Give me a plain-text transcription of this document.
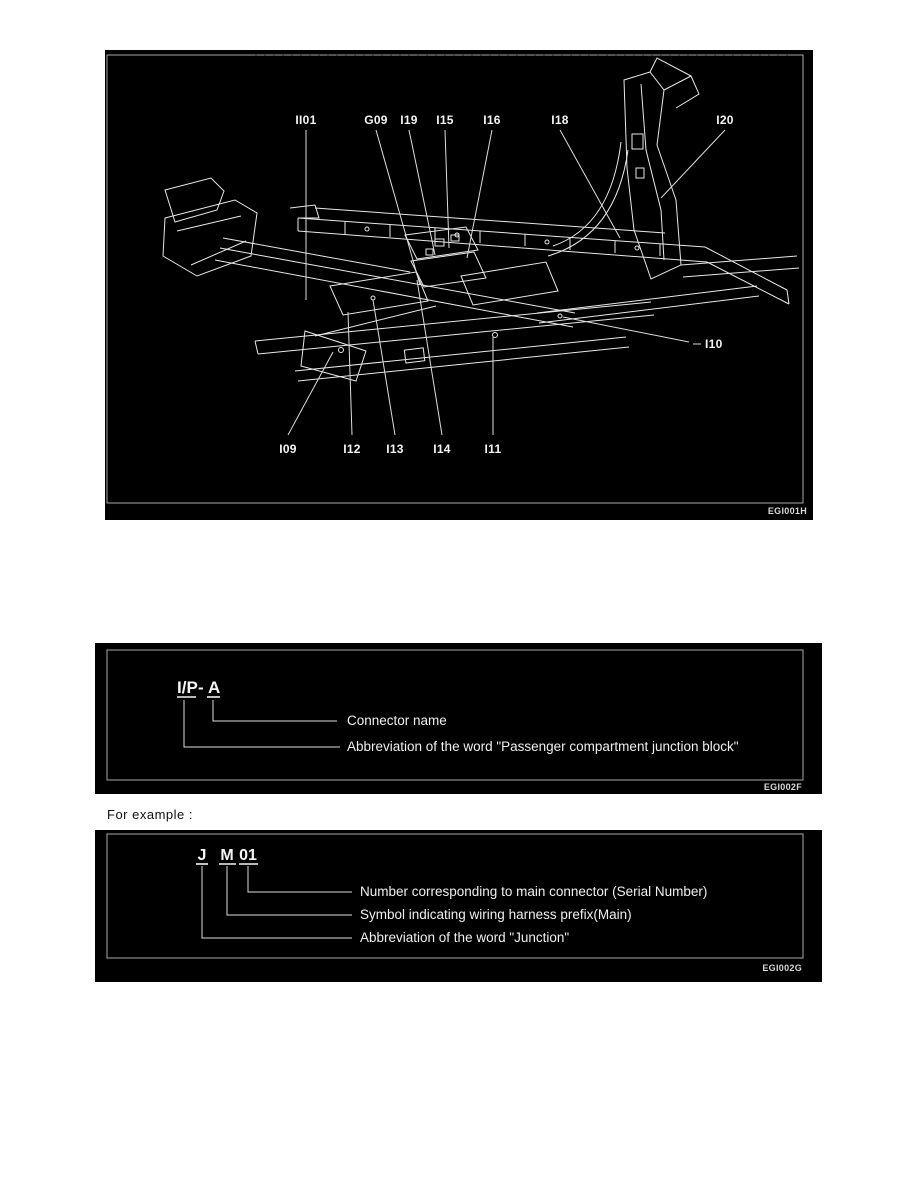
II01	G09 I19 I15 I16	I18	I20
I09	I12 I13 I14	I11
I10
EGI001H
I/P - A
Connector name
Abbreviation of the word "Passenger compartment junction block"
EGI002F
For example :
J M 01
Number corresponding to main connector (Serial Number)
Symbol indicating wiring harness prefix(Main)
Abbreviation of the word "Junction"
EGI002G
